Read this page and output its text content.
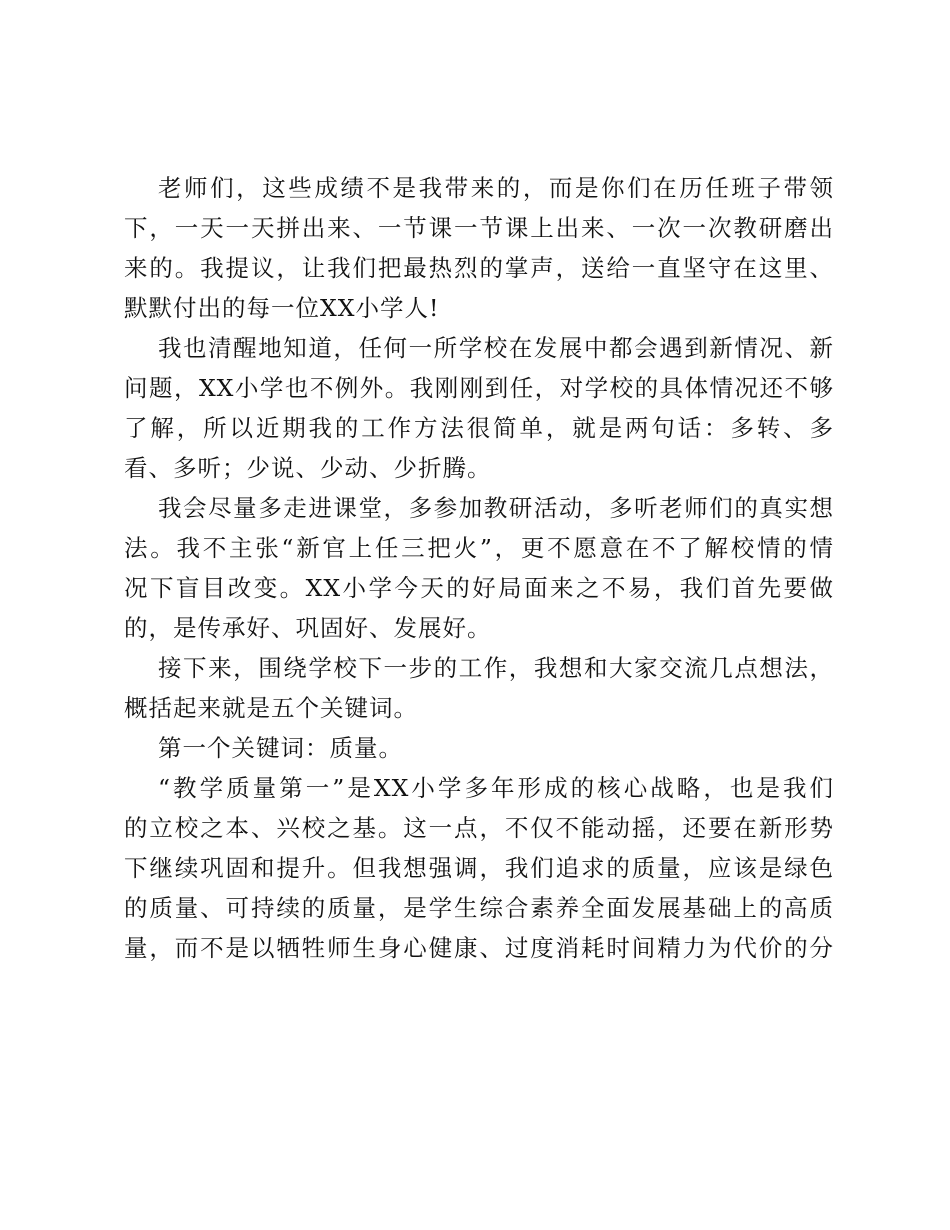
老师们，这些成绩不是我带来的，而是你们在历任班子带领
下，一天一天拼出来、一节课一节课上出来、一次一次教研磨出
来的。我提议，让我们把最热烈的掌声，送给一直坚守在这里、
默默付出的每一位XX小学人!
我也清醒地知道，任何一所学校在发展中都会遇到新情况、新
问题，XX小学也不例外。我刚刚到任，对学校的具体情况还不够
了解，所以近期我的工作方法很简单，就是两句话：多转、多
看、多听；少说、少动、少折腾。
我会尽量多走进课堂，多参加教研活动，多听老师们的真实想
法。我不主张“新官上任三把火”，更不愿意在不了解校情的情
况下盲目改变。XX小学今天的好局面来之不易，我们首先要做
的，是传承好、巩固好、发展好。
接下来，围绕学校下一步的工作，我想和大家交流几点想法，
概括起来就是五个关键词。
第一个关键词：质量。
“教学质量第一”是XX小学多年形成的核心战略，也是我们
的立校之本、兴校之基。这一点，不仅不能动摇，还要在新形势
下继续巩固和提升。但我想强调，我们追求的质量，应该是绿色
的质量、可持续的质量，是学生综合素养全面发展基础上的高质
量，而不是以牺牲师生身心健康、过度消耗时间精力为代价的分
